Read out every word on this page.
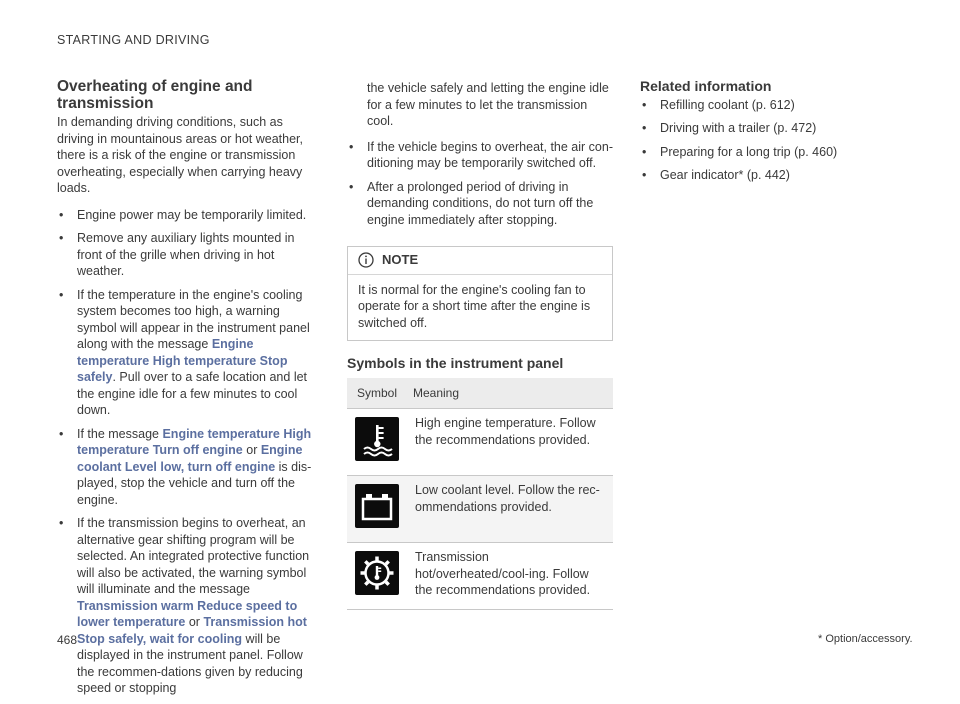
STARTING AND DRIVING
Overheating of engine and transmission

In demanding driving conditions, such as driving in mountainous areas or hot weather, there is a risk of the engine or transmission overheating, especially when carrying heavy loads.

• Engine power may be temporarily limited.
• Remove any auxiliary lights mounted in front of the grille when driving in hot weather.
• If the temperature in the engine's cooling system becomes too high, a warning symbol will appear in the instrument panel along with the message Engine temperature High temperature Stop safely. Pull over to a safe location and let the engine idle for a few minutes to cool down.
• If the message Engine temperature High temperature Turn off engine or Engine coolant Level low, turn off engine is dis-played, stop the vehicle and turn off the engine.
• If the transmission begins to overheat, an alternative gear shifting program will be selected. An integrated protective function will also be activated, the warning symbol will illuminate and the message Transmission warm Reduce speed to lower temperature or Transmission hot Stop safely, wait for cooling will be displayed in the instrument panel. Follow the recommen-dations given by reducing speed or stopping
the vehicle safely and letting the engine idle for a few minutes to let the transmission cool.
• If the vehicle begins to overheat, the air con-ditioning may be temporarily switched off.
• After a prolonged period of driving in demanding conditions, do not turn off the engine immediately after stopping.
NOTE
It is normal for the engine's cooling fan to operate for a short time after the engine is switched off.
Symbols in the instrument panel
Symbol	Meaning
	High engine temperature. Follow the recommendations provided.
	Low coolant level. Follow the rec-ommendations provided.
	Transmission hot/overheated/cool-ing. Follow the recommendations provided.
Related information
• Refilling coolant (p. 612)
• Driving with a trailer (p. 472)
• Preparing for a long trip (p. 460)
• Gear indicator* (p. 442)
468	* Option/accessory.
